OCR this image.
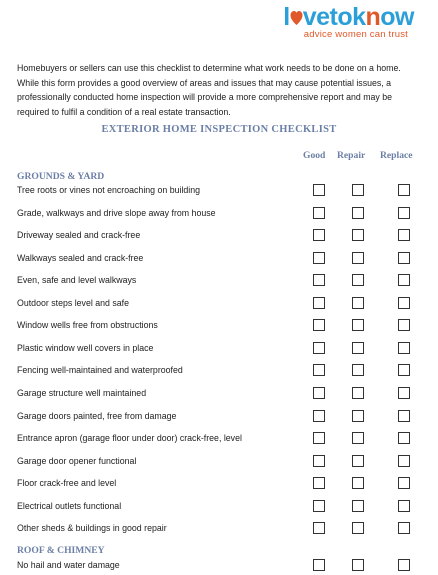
l vetoknow
advice women can trust
Homebuyers or sellers can use this checklist to determine what work needs to be done on a home. While this form provides a good overview of areas and issues that may cause potential issues, a professionally conducted home inspection will provide a more comprehensive report and may be required to fulfil a condition of a real estate transaction.
EXTERIOR HOME INSPECTION CHECKLIST
Good Repair Replace
GROUNDS & YARD
Tree roots or vines not encroaching on building
Grade, walkways and drive slope away from house
Driveway sealed and crack-free
Walkways sealed and crack-free
Even, safe and level walkways
Outdoor steps level and safe
Window wells free from obstructions
Plastic window well covers in place
Fencing well-maintained and waterproofed
Garage structure well maintained
Garage doors painted, free from damage
Entrance apron (garage floor under door) crack-free, level
Garage door opener functional
Floor crack-free and level
Electrical outlets functional
Other sheds & buildings in good repair
ROOF & CHIMNEY
No hail and water damage
